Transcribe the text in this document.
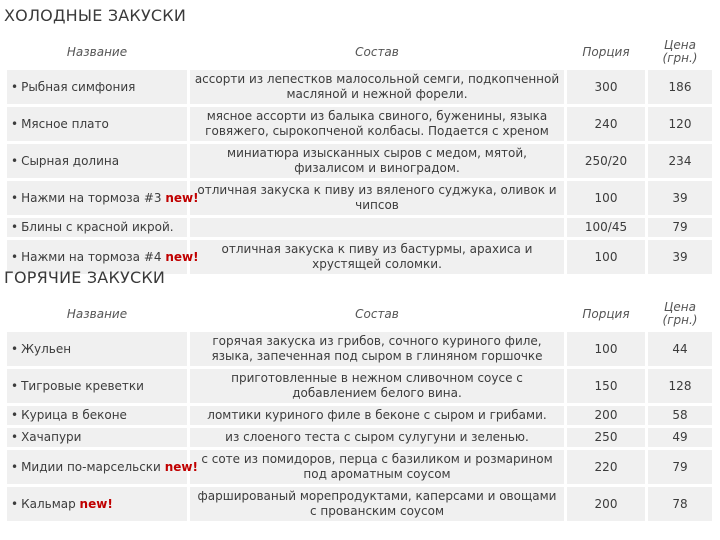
ХОЛОДНЫЕ ЗАКУСКИ
Название	Состав	Порция	Цена (грн.)
• Рыбная симфония	ассорти из лепестков малосольной семги, подкопченной масляной и нежной форели.	300	186
• Мясное плато	мясное ассорти из балыка свиного, буженины, языка говяжего, сырокопченой колбасы. Подается с хреном	240	120
• Сырная долина	миниатюра изысканных сыров с медом, мятой, физалисом и виноградом.	250/20	234
• Нажми на тормоза #3 new!	отличная закуска к пиву из вяленого суджука, оливок и чипсов	100	39
• Блины с красной икрой.		100/45	79
• Нажми на тормоза #4 new!	отличная закуска к пиву из бастурмы, арахиса и хрустящей соломки.	100	39
ГОРЯЧИЕ ЗАКУСКИ
Название	Состав	Порция	Цена (грн.)
• Жульен	горячая закуска из грибов, сочного куриного филе, языка, запеченная под сыром в глиняном горшочке	100	44
• Тигровые креветки	приготовленные в нежном сливочном соусе с добавлением белого вина.	150	128
• Курица в беконе	ломтики куриного филе в беконе с сыром и грибами.	200	58
• Хачапури	из слоеного теста с сыром сулугуни и зеленью.	250	49
• Мидии по-марсельски new!	с соте из помидоров, перца с базиликом и розмарином под ароматным соусом	220	79
• Кальмар new!	фаршированый морепродуктами, каперсами и овощами с прованским соусом	200	78
